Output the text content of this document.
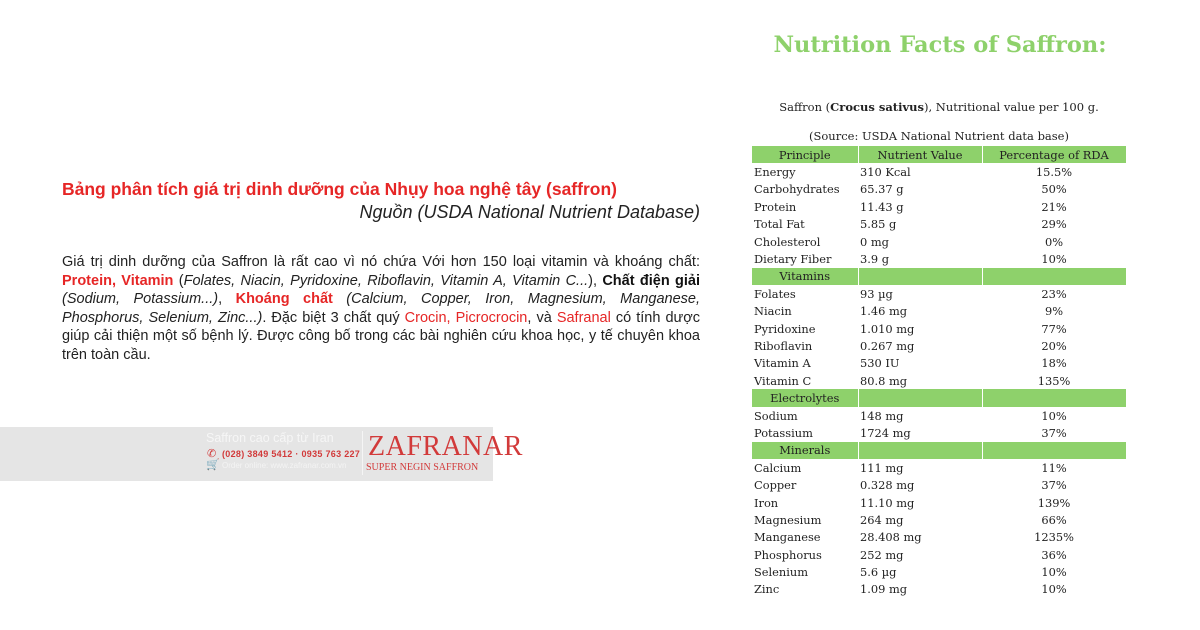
Bảng phân tích giá trị dinh dưỡng của Nhụy hoa nghệ tây (saffron)
Nguồn (USDA National Nutrient Database)
Giá trị dinh dưỡng của Saffron là rất cao vì nó chứa Với hơn 150 loại vitamin và khoáng chất: Protein, Vitamin (Folates, Niacin, Pyridoxine, Riboflavin, Vitamin A, Vitamin C...), Chất điện giải (Sodium, Potassium...), Khoáng chất (Calcium, Copper, Iron, Magnesium, Manganese, Phosphorus, Selenium, Zinc...). Đặc biệt 3 chất quý Crocin, Picrocrocin, và Safranal có tính dược giúp cải thiện một số bệnh lý. Được công bố trong các bài nghiên cứu khoa học, y tế chuyên khoa trên toàn cầu.
Saffron cao cấp từ Iran
✆ (028) 3849 5412 · 0935 763 227
🛒 Order online: www.zafranar.com.vn
ZAFRANAR
SUPER NEGIN SAFFRON
Nutrition Facts of Saffron:
Saffron (Crocus sativus), Nutritional value per 100 g.
(Source: USDA National Nutrient data base)
Principle	Nutrient Value	Percentage of RDA
Energy	310 Kcal	15.5%
Carbohydrates	65.37 g	50%
Protein	11.43 g	21%
Total Fat	5.85 g	29%
Cholesterol	0 mg	0%
Dietary Fiber	3.9 g	10%
Vitamins		
Folates	93 µg	23%
Niacin	1.46 mg	9%
Pyridoxine	1.010 mg	77%
Riboflavin	0.267 mg	20%
Vitamin A	530 IU	18%
Vitamin C	80.8 mg	135%
Electrolytes		
Sodium	148 mg	10%
Potassium	1724 mg	37%
Minerals		
Calcium	111 mg	11%
Copper	0.328 mg	37%
Iron	11.10 mg	139%
Magnesium	264 mg	66%
Manganese	28.408 mg	1235%
Phosphorus	252 mg	36%
Selenium	5.6 µg	10%
Zinc	1.09 mg	10%
